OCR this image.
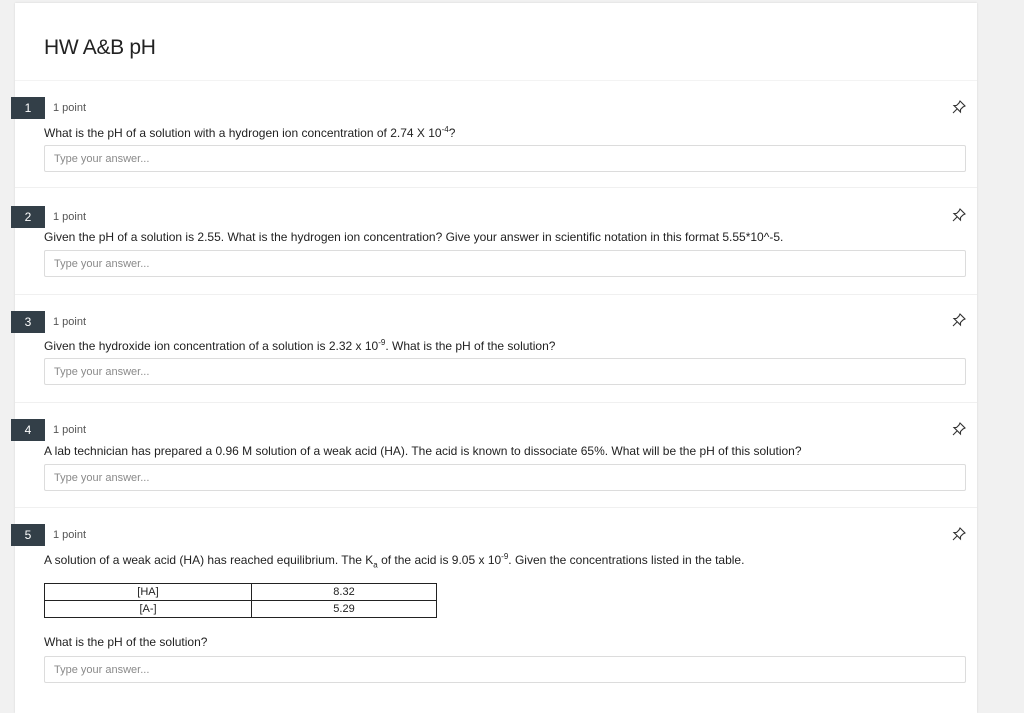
HW A&B pH
1	1 point
What is the pH of a solution with a hydrogen ion concentration of 2.74 X $10^{-4}$?
Type your answer...
2	1 point
Given the pH of a solution is 2.55. What is the hydrogen ion concentration? Give your answer in scientific notation in this format 5.55*10^-5.
Type your answer...
3	1 point
Given the hydroxide ion concentration of a solution is 2.32 x $10^{-9}$. What is the pH of the solution?
Type your answer...
4	1 point
A lab technician has prepared a 0.96 M solution of a weak acid (HA). The acid is known to dissociate 65%. What will be the pH of this solution?
Type your answer...
5	1 point
A solution of a weak acid (HA) has reached equilibrium. The $K_a$ of the acid is 9.05 x $10^{-9}$. Given the concentrations listed in the table.
[HA]	8.32
[A-]	5.29
What is the pH of the solution?
Type your answer...
